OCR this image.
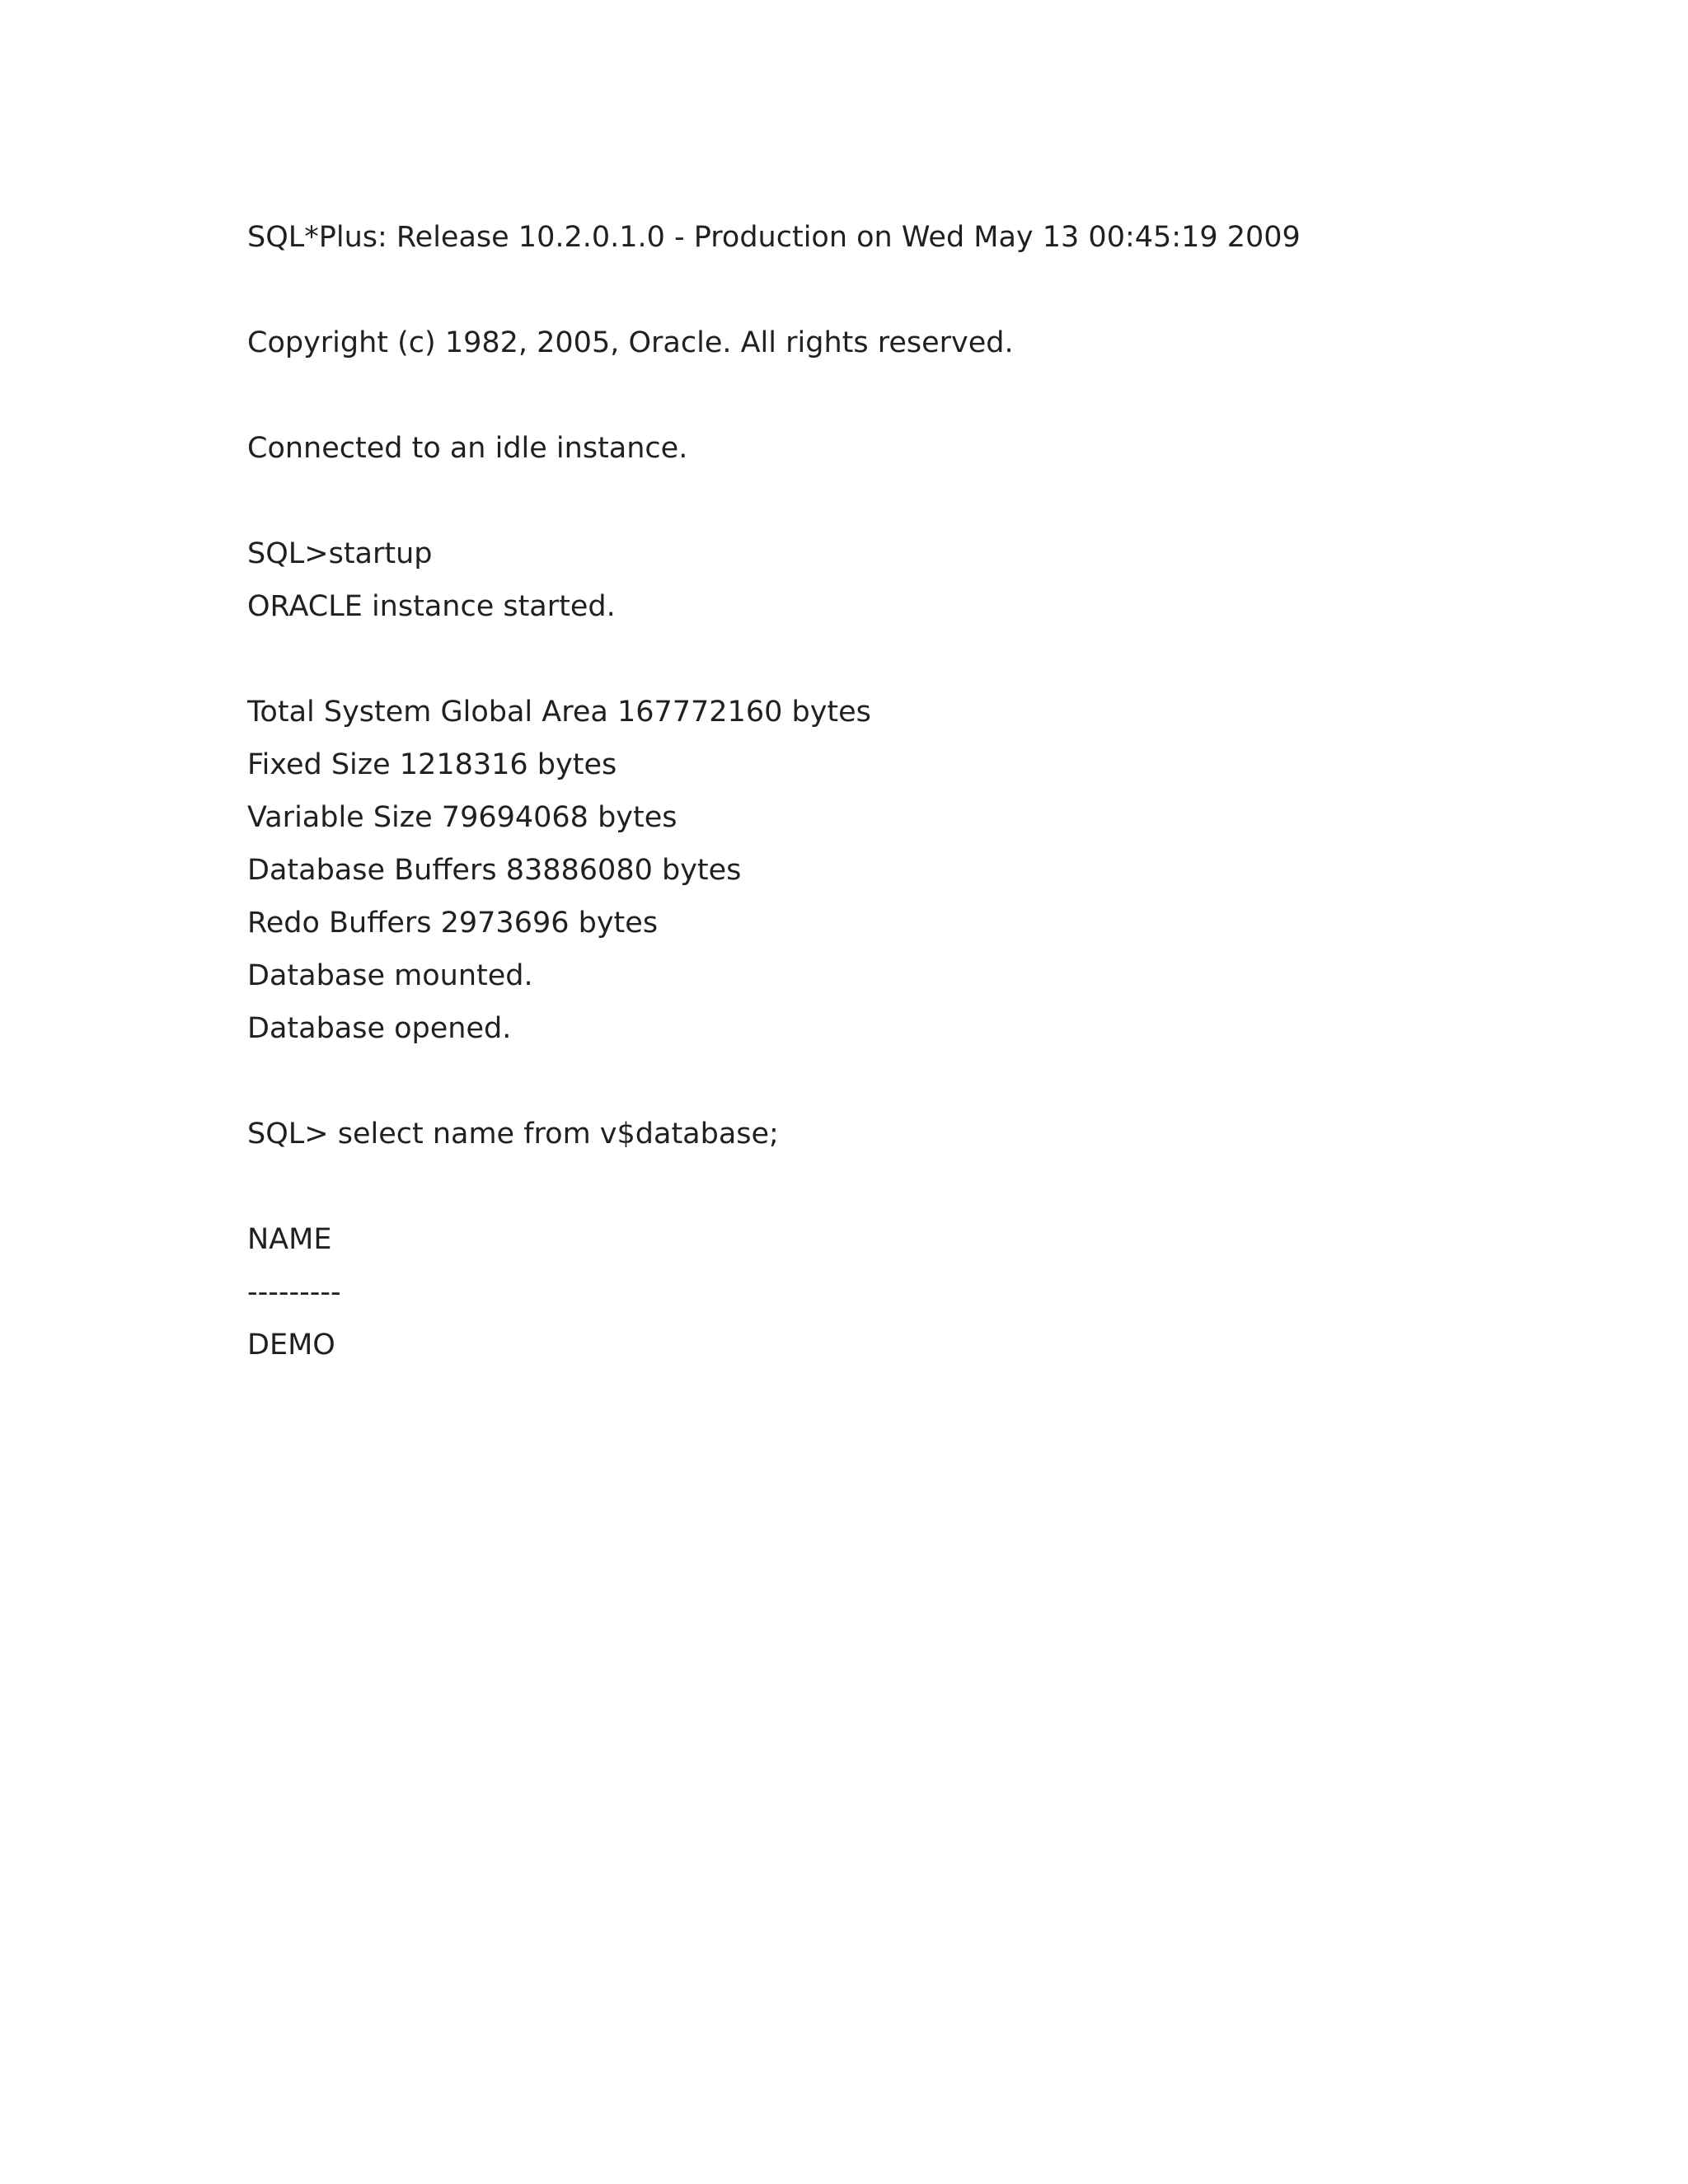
SQL*Plus: Release 10.2.0.1.0 - Production on Wed May 13 00:45:19 2009
Copyright (c) 1982, 2005, Oracle. All rights reserved.
Connected to an idle instance.
SQL>startup
ORACLE instance started.
Total System Global Area 167772160 bytes
Fixed Size 1218316 bytes
Variable Size 79694068 bytes
Database Buffers 83886080 bytes
Redo Buffers 2973696 bytes
Database mounted.
Database opened.
SQL> select name from v$database;
NAME
---------
DEMO
